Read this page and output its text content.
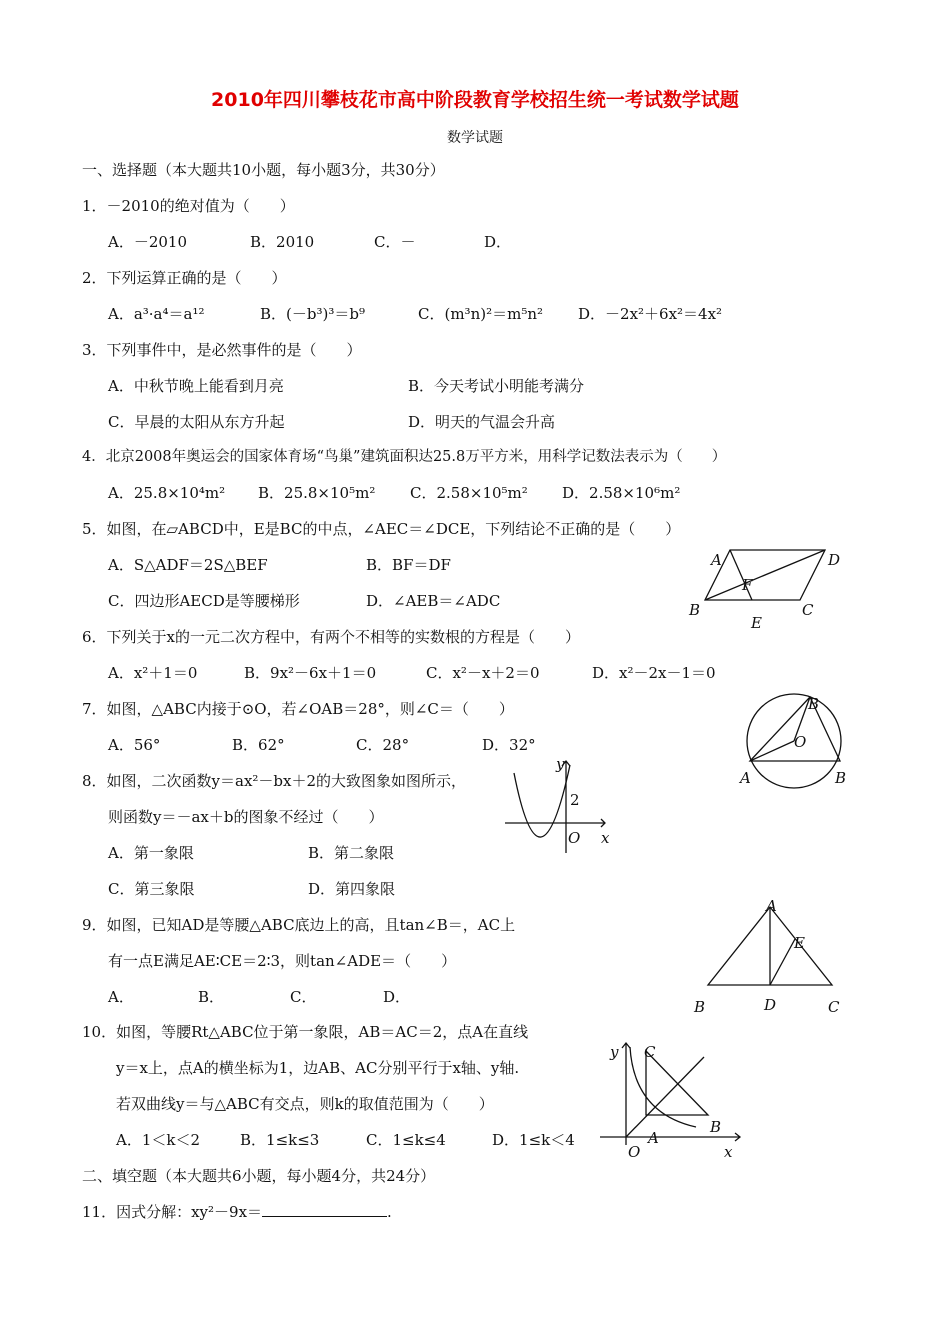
2010年四川攀枝花市高中阶段教育学校招生统一考试数学试题
数学试题
一、选择题（本大题共10小题，每小题3分，共30分）
1．－2010的绝对值为（　　）
A．－2010	B．2010	C．－	D．
2．下列运算正确的是（　　）
A．a³·a⁴＝a¹²	B．(－b³)³＝b⁹	C．(m³n)²＝m⁵n² D．－2x²＋6x²＝4x²
3．下列事件中，是必然事件的是（　　）
A．中秋节晚上能看到月亮	B．今天考试小明能考满分
C．早晨的太阳从东方升起	D．明天的气温会升高
4．北京2008年奥运会的国家体育场“鸟巢”建筑面积达25.8万平方米，用科学记数法表示为（　　）
A．25.8×10⁴m² B．25.8×10⁵m² C．2.58×10⁵m² D．2.58×10⁶m²
5．如图，在▱ABCD中，E是BC的中点，∠AEC＝∠DCE，下列结论不正确的是（　　）
A．S△ADF＝2S△BEF	B．BF＝DF
C．四边形AECD是等腰梯形	D．∠AEB＝∠ADC
A	D
F
B	C
E
6．下列关于x的一元二次方程中，有两个不相等的实数根的方程是（　　）
A．x²＋1＝0	B．9x²－6x＋1＝0	C．x²－x＋2＝0	D．x²－2x－1＝0
7．如图，△ABC内接于⊙O，若∠OAB＝28°，则∠C＝（　　）
A．56°	B．62°	C．28°	D．32°
B
O
A	B
8．如图，二次函数y＝ax²－bx＋2的大致图象如图所示，
则函数y＝－ax＋b的图象不经过（　　）
A．第一象限	B．第二象限
C．第三象限	D．第四象限
y
2
O x
9．如图，已知AD是等腰△ABC底边上的高，且tan∠B＝，AC上
有一点E满足AE∶CE＝2∶3，则tan∠ADE＝（　　）
A．	B．	C．	D．
A
E
B	D	C
10．如图，等腰Rt△ABC位于第一象限，AB＝AC＝2，点A在直线
y＝x上，点A的横坐标为1，边AB、AC分别平行于x轴、y轴.
若双曲线y＝与△ABC有交点，则k的取值范围为（　　）
A．1＜k＜2	B．1≤k≤3	C．1≤k≤4	D．1≤k＜4
y C
B
A
O	x
二、填空题（本大题共6小题，每小题4分，共24分）
11．因式分解：xy²－9x＝	.
